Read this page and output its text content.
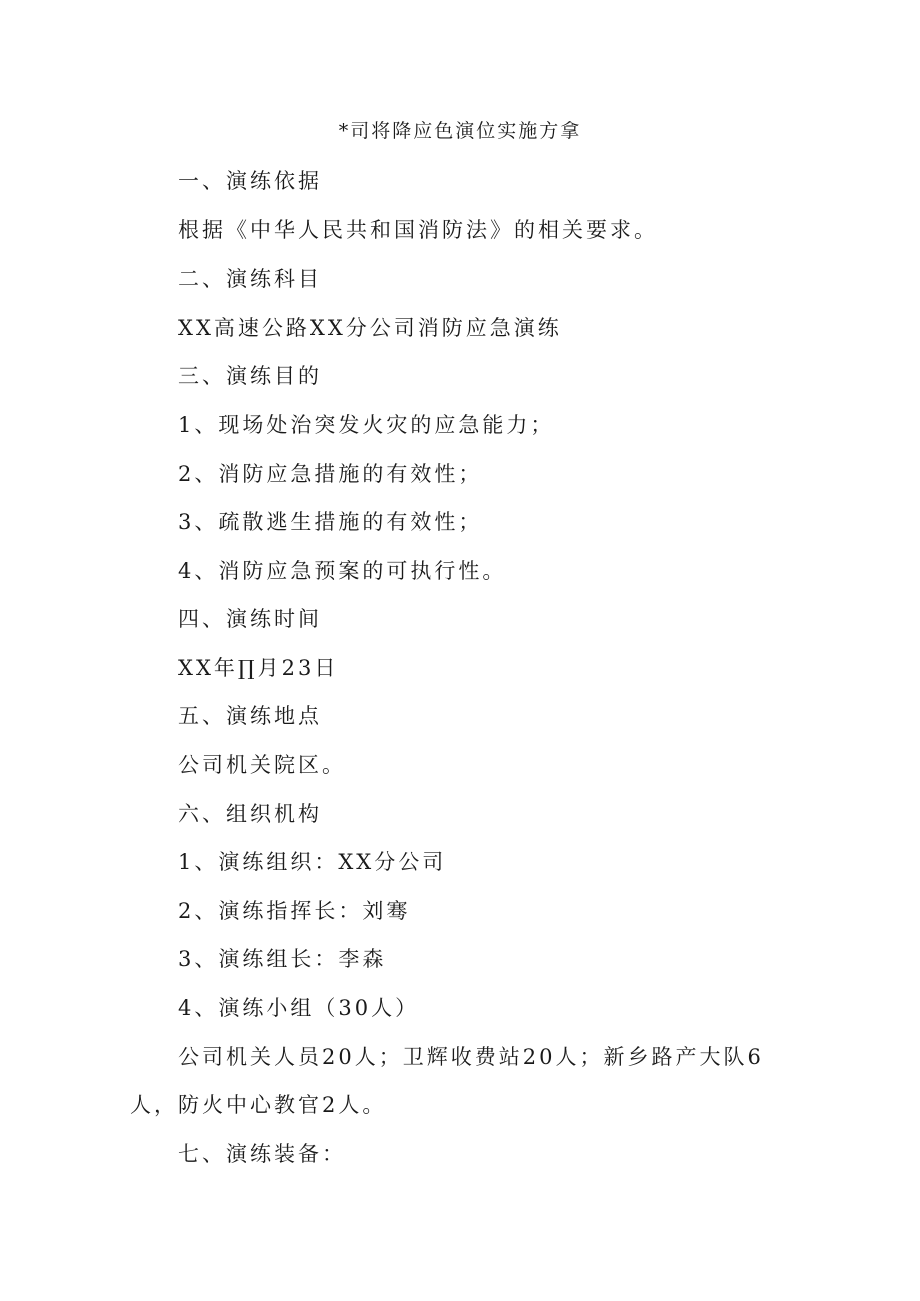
*司将降应色演位实施方拿
一、演练依据
根据《中华人民共和国消防法》的相关要求。
二、演练科目
XX高速公路XX分公司消防应急演练
三、演练目的
1、现场处治突发火灾的应急能力；
2、消防应急措施的有效性；
3、疏散逃生措施的有效性；
4、消防应急预案的可执行性。
四、演练时间
XX年∏月23日
五、演练地点
公司机关院区。
六、组织机构
1、演练组织：XX分公司
2、演练指挥长：刘骞
3、演练组长：李森
4、演练小组（30人）
公司机关人员20人；卫辉收费站20人；新乡路产大队6
人，防火中心教官2人。
七、演练装备：
